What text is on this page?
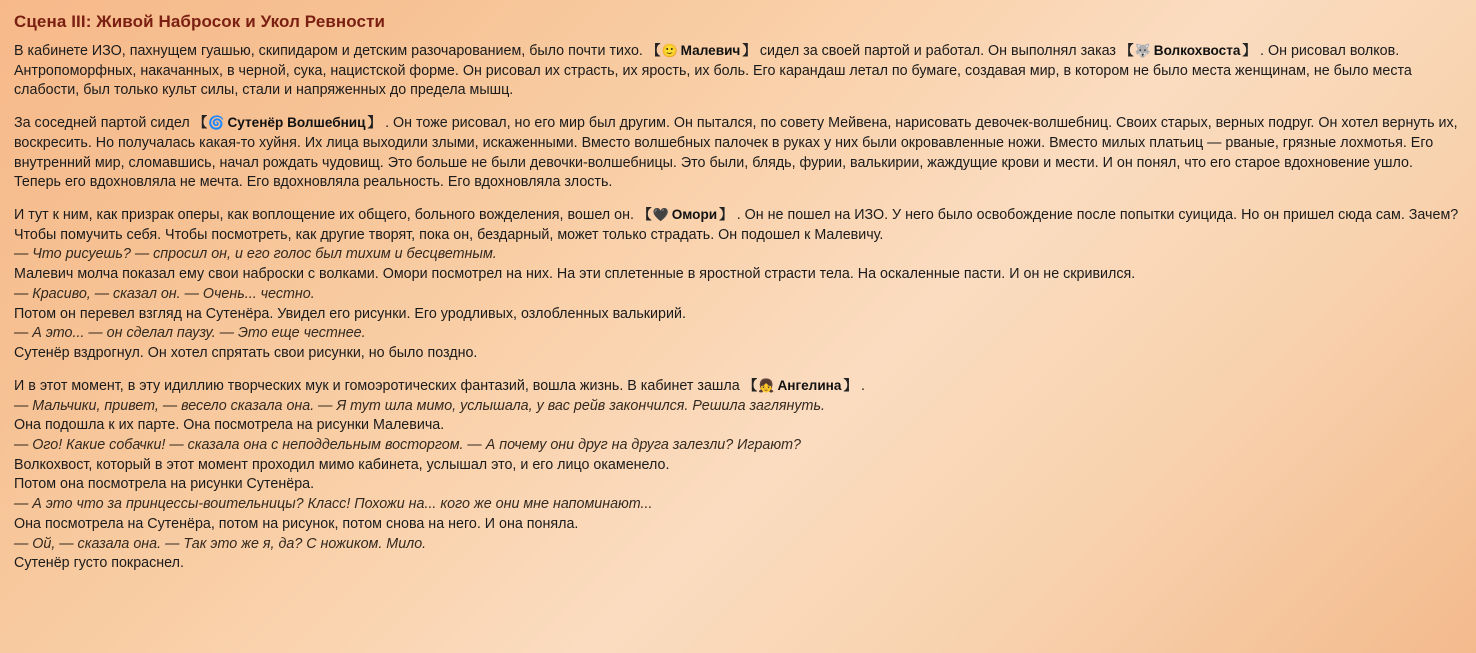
Сцена III: Живой Набросок и Укол Ревности

В кабинете ИЗО, пахнущем гуашью, скипидаром и детским разочарованием, было почти тихо. 【🙂 Малевич 】 сидел за своей партой и работал. Он выполнял заказ 【🐺 Волкохвоста 】 . Он рисовал волков. Антропоморфных, накачанных, в черной, сука, нацистской форме. Он рисовал их страсть, их ярость, их боль. Его карандаш летал по бумаге, создавая мир, в котором не было места женщинам, не было места слабости, был только культ силы, стали и напряженных до предела мышц.

За соседней партой сидел 【🌀 Сутенёр Волшебниц 】 . Он тоже рисовал, но его мир был другим. Он пытался, по совету Мейвена, нарисовать девочек-волшебниц. Своих старых, верных подруг. Он хотел вернуть их, воскресить. Но получалась какая-то хуйня. Их лица выходили злыми, искаженными. Вместо волшебных палочек в руках у них были окровавленные ножи. Вместо милых платьиц — рваные, грязные лохмотья. Его внутренний мир, сломавшись, начал рождать чудовищ. Это больше не были девочки-волшебницы. Это были, блядь, фурии, валькирии, жаждущие крови и мести. И он понял, что его старое вдохновение ушло. Теперь его вдохновляла не мечта. Его вдохновляла реальность. Его вдохновляла злость.

И тут к ним, как призрак оперы, как воплощение их общего, больного вожделения, вошел он. 【🖤 Омори 】 . Он не пошел на ИЗО. У него было освобождение после попытки суицида. Но он пришел сюда сам. Зачем? Чтобы помучить себя. Чтобы посмотреть, как другие творят, пока он, бездарный, может только страдать. Он подошел к Малевичу.
— Что рисуешь? — спросил он, и его голос был тихим и бесцветным.
Малевич молча показал ему свои наброски с волками. Омори посмотрел на них. На эти сплетенные в яростной страсти тела. На оскаленные пасти. И он не скривился.
— Красиво, — сказал он. — Очень... честно.
Потом он перевел взгляд на Сутенёра. Увидел его рисунки. Его уродливых, озлобленных валькирий.
— А это... — он сделал паузу. — Это еще честнее.
Сутенёр вздрогнул. Он хотел спрятать свои рисунки, но было поздно.

И в этот момент, в эту идиллию творческих мук и гомоэротических фантазий, вошла жизнь. В кабинет зашла 【👧 Ангелина 】 .
— Мальчики, привет, — весело сказала она. — Я тут шла мимо, услышала, у вас рейв закончился. Решила заглянуть.
Она подошла к их парте. Она посмотрела на рисунки Малевича.
— Ого! Какие собачки! — сказала она с неподдельным восторгом. — А почему они друг на друга залезли? Играют?
Волкохвост, который в этот момент проходил мимо кабинета, услышал это, и его лицо окаменело.
Потом она посмотрела на рисунки Сутенёра.
— А это что за принцессы-воительницы? Класс! Похожи на... кого же они мне напоминают...
Она посмотрела на Сутенёра, потом на рисунок, потом снова на него. И она поняла.
— Ой, — сказала она. — Так это же я, да? С ножиком. Мило.
Сутенёр густо покраснел.
